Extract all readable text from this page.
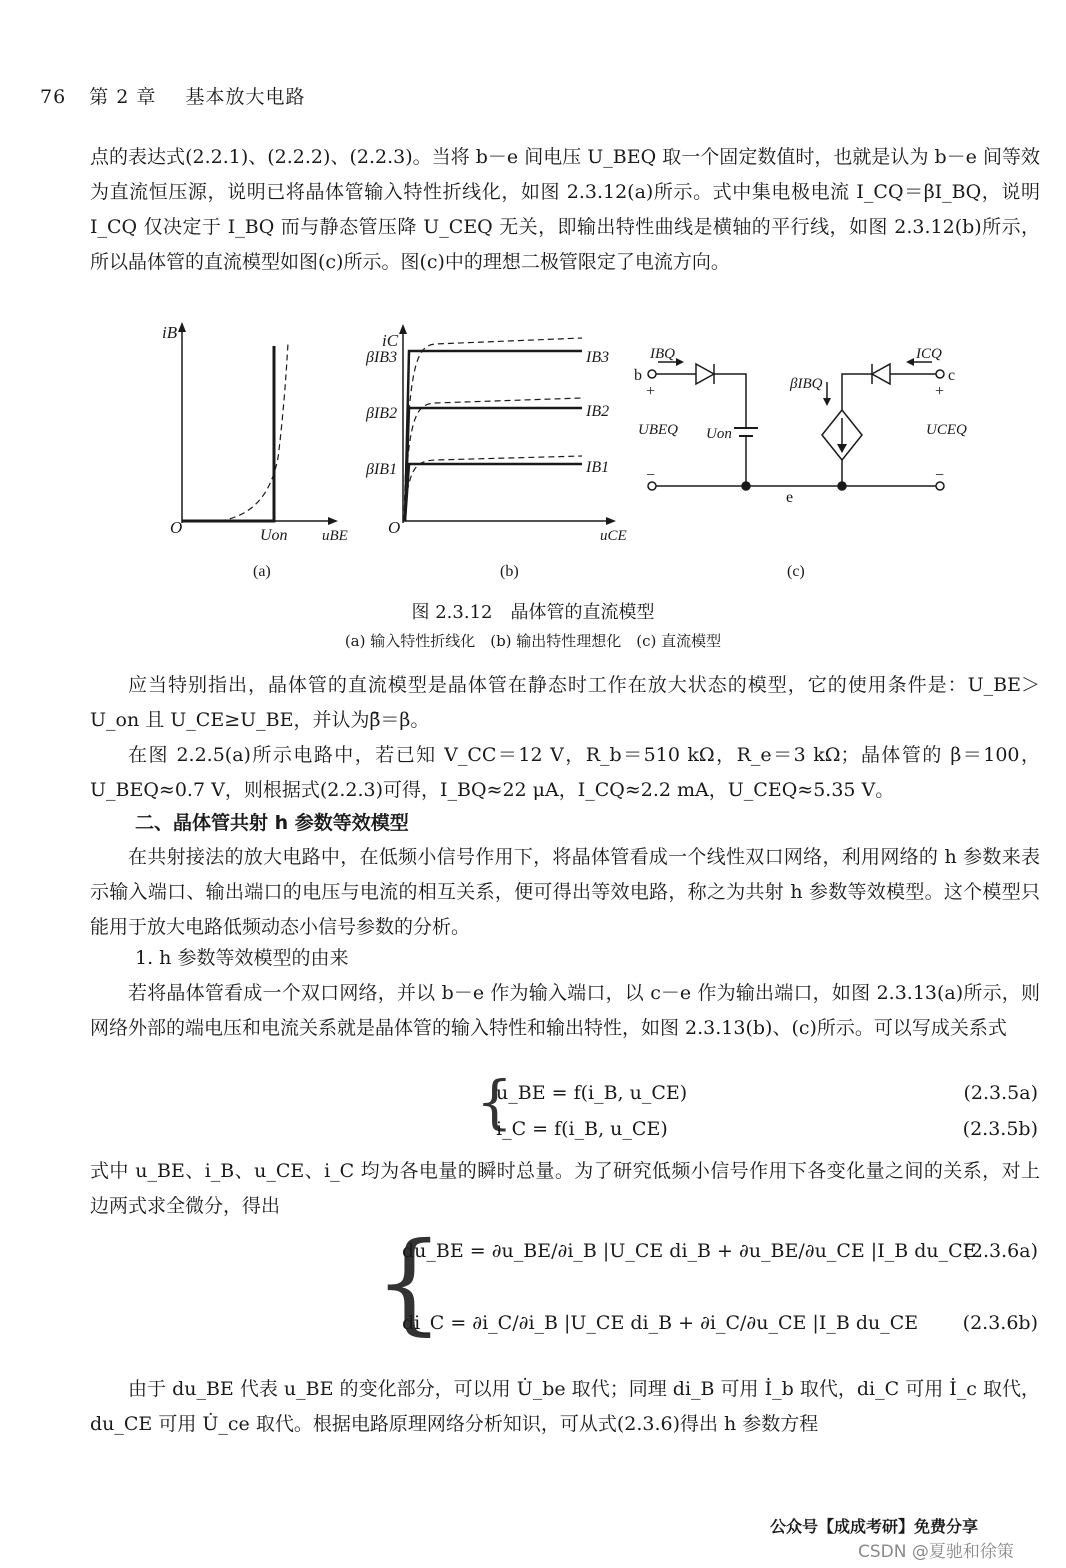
76 第 2 章 基本放大电路
点的表达式(2.2.1)、(2.2.2)、(2.2.3)。当将 b－e 间电压 U_BEQ 取一个固定数值时，也就是认为 b－e 间等效为直流恒压源，说明已将晶体管输入特性折线化，如图 2.3.12(a)所示。式中集电极电流 I_CQ＝βI_BQ，说明 I_CQ 仅决定于 I_BQ 而与静态管压降 U_CEQ 无关，即输出特性曲线是横轴的平行线，如图 2.3.12(b)所示，所以晶体管的直流模型如图(c)所示。图(c)中的理想二极管限定了电流方向。
iB
uBE
O	Uon
(a)
iC
uCE
O
βIB3
βIB2
βIB1
IB3
IB2
IB1
(b)
IBQ
b
+
UBEQ Uon
−
βIBQ
ICQ
c
+
UCEQ
−
e
(c)
图 2.3.12　晶体管的直流模型
(a) 输入特性折线化　(b) 输出特性理想化　(c) 直流模型
应当特别指出，晶体管的直流模型是晶体管在静态时工作在放大状态的模型，它的使用条件是：U_BE＞U_on 且 U_CE≥U_BE，并认为β̄＝β。
在图 2.2.5(a)所示电路中，若已知 V_CC＝12 V，R_b＝510 kΩ，R_e＝3 kΩ；晶体管的 β＝100，U_BEQ≈0.7 V，则根据式(2.2.3)可得，I_BQ≈22 μA，I_CQ≈2.2 mA，U_CEQ≈5.35 V。
二、晶体管共射 h 参数等效模型
在共射接法的放大电路中，在低频小信号作用下，将晶体管看成一个线性双口网络，利用网络的 h 参数来表示输入端口、输出端口的电压与电流的相互关系，便可得出等效电路，称之为共射 h 参数等效模型。这个模型只能用于放大电路低频动态小信号参数的分析。
1. h 参数等效模型的由来
若将晶体管看成一个双口网络，并以 b－e 作为输入端口，以 c－e 作为输出端口，如图 2.3.13(a)所示，则网络外部的端电压和电流关系就是晶体管的输入特性和输出特性，如图 2.3.13(b)、(c)所示。可以写成关系式
{
u_BE = f(i_B, u_CE)	(2.3.5a)
i_C = f(i_B, u_CE)	(2.3.5b)
式中 u_BE、i_B、u_CE、i_C 均为各电量的瞬时总量。为了研究低频小信号作用下各变化量之间的关系，对上边两式求全微分，得出
{
du_BE = ∂u_BE/∂i_B |U_CE di_B + ∂u_BE/∂u_CE |I_B du_CE
(2.3.6a)
di_C = ∂i_C/∂i_B |U_CE di_B + ∂i_C/∂u_CE |I_B du_CE (2.3.6b)
由于 du_BE 代表 u_BE 的变化部分，可以用 U̇_be 取代；同理 di_B 可用 İ_b 取代，di_C 可用 İ_c 取代，du_CE 可用 U̇_ce 取代。根据电路原理网络分析知识，可从式(2.3.6)得出 h 参数方程
公众号【成成考研】免费分享
CSDN @夏驰和徐策
